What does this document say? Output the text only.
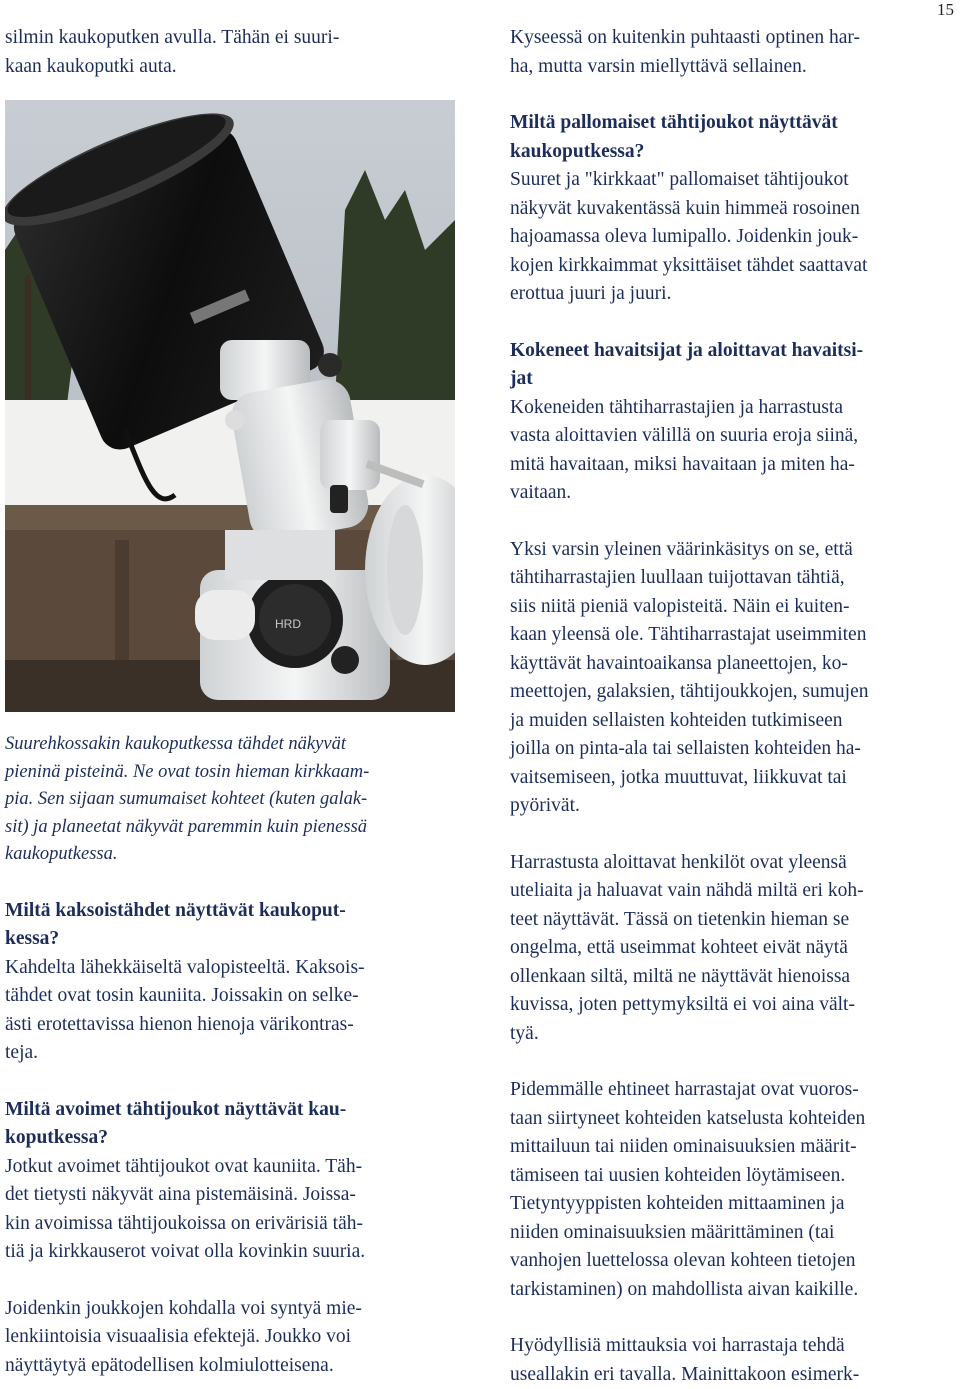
15

silmin kaukoputken avulla. Tähän ei suuri-
kaan kaukoputki auta.

HRD

Suurehkossakin kaukoputkessa tähdet näkyvät
pieninä pisteinä. Ne ovat tosin hieman kirkkaam-
pia. Sen sijaan sumumaiset kohteet (kuten galak-
sit) ja planeetat näkyvät paremmin kuin pienessä
kaukoputkessa.

Miltä kaksoistähdet näyttävät kaukoput-
kessa?

Kahdelta lähekkäiseltä valopisteeltä. Kaksois-
tähdet ovat tosin kauniita. Joissakin on selke-
ästi erotettavissa hienon hienoja värikontras-
teja.

Miltä avoimet tähtijoukot näyttävät kau-
koputkessa?

Jotkut avoimet tähtijoukot ovat kauniita. Täh-
det tietysti näkyvät aina pistemäisinä. Joissa-
kin avoimissa tähtijoukoissa on erivärisiä täh-
tiä ja kirkkauserot voivat olla kovinkin suuria.

Joidenkin joukkojen kohdalla voi syntyä mie-
lenkiintoisia visuaalisia efektejä. Joukko voi
näyttäytyä epätodellisen kolmiulotteisena.

Kyseessä on kuitenkin puhtaasti optinen har-
ha, mutta varsin miellyttävä sellainen.

Miltä pallomaiset tähtijoukot näyttävät
kaukoputkessa?

Suuret ja "kirkkaat" pallomaiset tähtijoukot
näkyvät kuvakentässä kuin himmeä rosoinen
hajoamassa oleva lumipallo. Joidenkin jouk-
kojen kirkkaimmat yksittäiset tähdet saattavat
erottua juuri ja juuri.

Kokeneet havaitsijat ja aloittavat havaitsi-
jat

Kokeneiden tähtiharrastajien ja harrastusta
vasta aloittavien välillä on suuria eroja siinä,
mitä havaitaan, miksi havaitaan ja miten ha-
vaitaan.

Yksi varsin yleinen väärinkäsitys on se, että
tähtiharrastajien luullaan tuijottavan tähtiä,
siis niitä pieniä valopisteitä. Näin ei kuiten-
kaan yleensä ole. Tähtiharrastajat useimmiten
käyttävät havaintoaikansa planeettojen, ko-
meettojen, galaksien, tähtijoukkojen, sumujen
ja muiden sellaisten kohteiden tutkimiseen
joilla on pinta-ala tai sellaisten kohteiden ha-
vaitsemiseen, jotka muuttuvat, liikkuvat tai
pyörivät.

Harrastusta aloittavat henkilöt ovat yleensä
uteliaita ja haluavat vain nähdä miltä eri koh-
teet näyttävät. Tässä on tietenkin hieman se
ongelma, että useimmat kohteet eivät näytä
ollenkaan siltä, miltä ne näyttävät hienoissa
kuvissa, joten pettymyksiltä ei voi aina vält-
tyä.

Pidemmälle ehtineet harrastajat ovat vuoros-
taan siirtyneet kohteiden katselusta kohteiden
mittailuun tai niiden ominaisuuksien määrit-
tämiseen tai uusien kohteiden löytämiseen.
Tietyntyyppisten kohteiden mittaaminen ja
niiden ominaisuuksien määrittäminen (tai
vanhojen luettelossa olevan kohteen tietojen
tarkistaminen) on mahdollista aivan kaikille.

Hyödyllisiä mittauksia voi harrastaja tehdä
useallakin eri tavalla. Mainittakoon esimerk-
